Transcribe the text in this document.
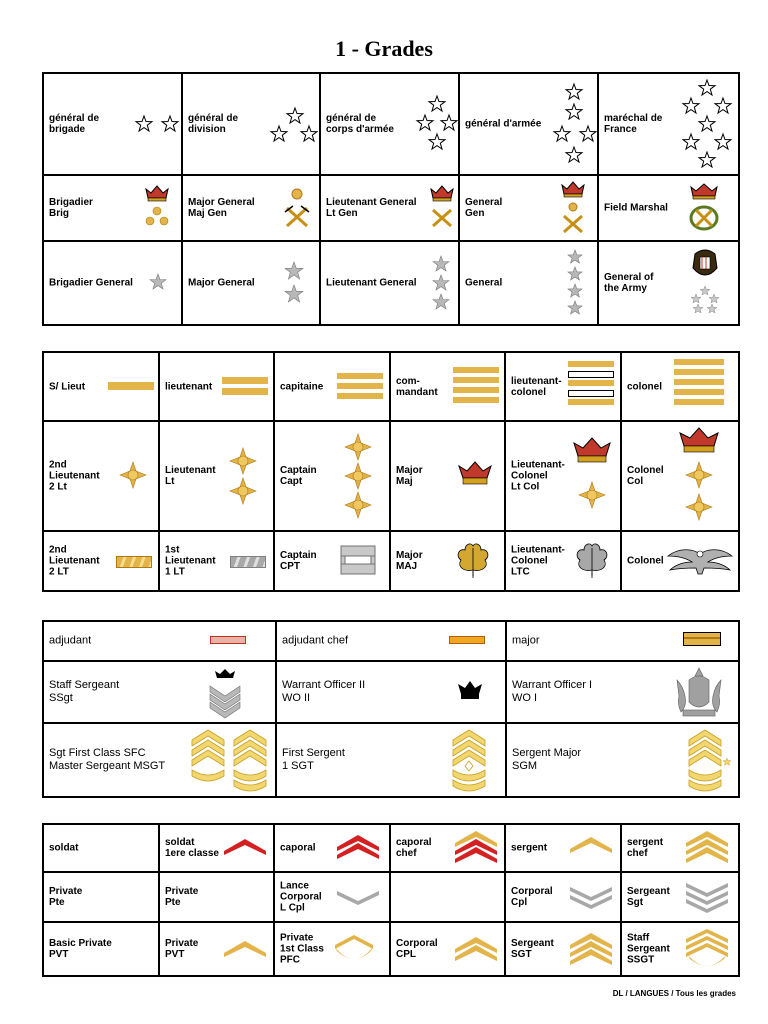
1 - Grades
général de
brigade	général de
division	général de
corps d'armée	général d'armée	maréchal de
France

Brigadier
Brig	Major General
Maj Gen	Lieutenant General
Lt Gen	General
Gen	Field Marshal

Brigadier General	Major General	Lieutenant General	General	General of
the Army
S/ Lieut	lieutenant	capitaine	com-
mandant	lieutenant-
colonel	colonel

2nd
Lieutenant
2 Lt	Lieutenant
Lt	Captain
Capt	Major
Maj	Lieutenant-
Colonel
Lt Col	Colonel
Col

2nd
Lieutenant
2 LT	1st
Lieutenant
1 LT	Captain
CPT	Major
MAJ	Lieutenant-
Colonel
LTC	Colonel
adjudant	adjudant chef	major

Staff Sergeant
SSgt	Warrant Officer II
WO II	Warrant Officer I
WO I

Sgt First Class SFC
Master Sergeant MSGT	First Sergent
1 SGT	Sergent Major
SGM
soldat	soldat
1ere classe	caporal	caporal
chef	sergent	sergent
chef

Private
Pte	Private
Pte	Lance
Corporal
L Cpl		Corporal
Cpl	Sergeant
Sgt

Basic Private
PVT	Private
PVT	Private
1st Class
PFC	Corporal
CPL	Sergeant
SGT	Staff
Sergeant
SSGT
DL / LANGUES / Tous les grades
